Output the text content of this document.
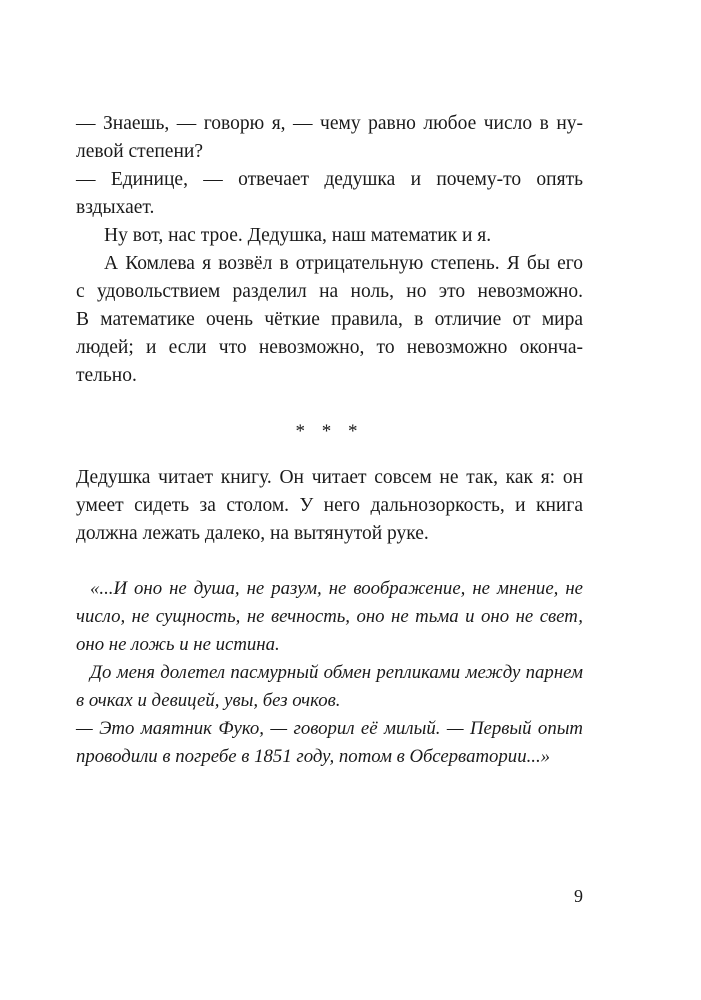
— Знаешь, — говорю я, — чему равно любое число в ну-
левой степени?
— Единице, — отвечает дедушка и почему-то опять
вздыхает.
Ну вот, нас трое. Дедушка, наш математик и я.
А Комлева я возвёл в отрицательную степень. Я бы его
с удовольствием разделил на ноль, но это невозможно.
В математике очень чёткие правила, в отличие от мира
людей; и если что невозможно, то невозможно оконча-
тельно.
* * *
Дедушка читает книгу. Он читает совсем не так, как я: он
умеет сидеть за столом. У него дальнозоркость, и книга
должна лежать далеко, на вытянутой руке.
«...И оно не душа, не разум, не воображение, не мнение, не
число, не сущность, не вечность, оно не тьма и оно не свет,
оно не ложь и не истина.
До меня долетел пасмурный обмен репликами между парнем
в очках и девицей, увы, без очков.
— Это маятник Фуко, — говорил её милый. — Первый опыт
проводили в погребе в 1851 году, потом в Обсерватории...»
9
